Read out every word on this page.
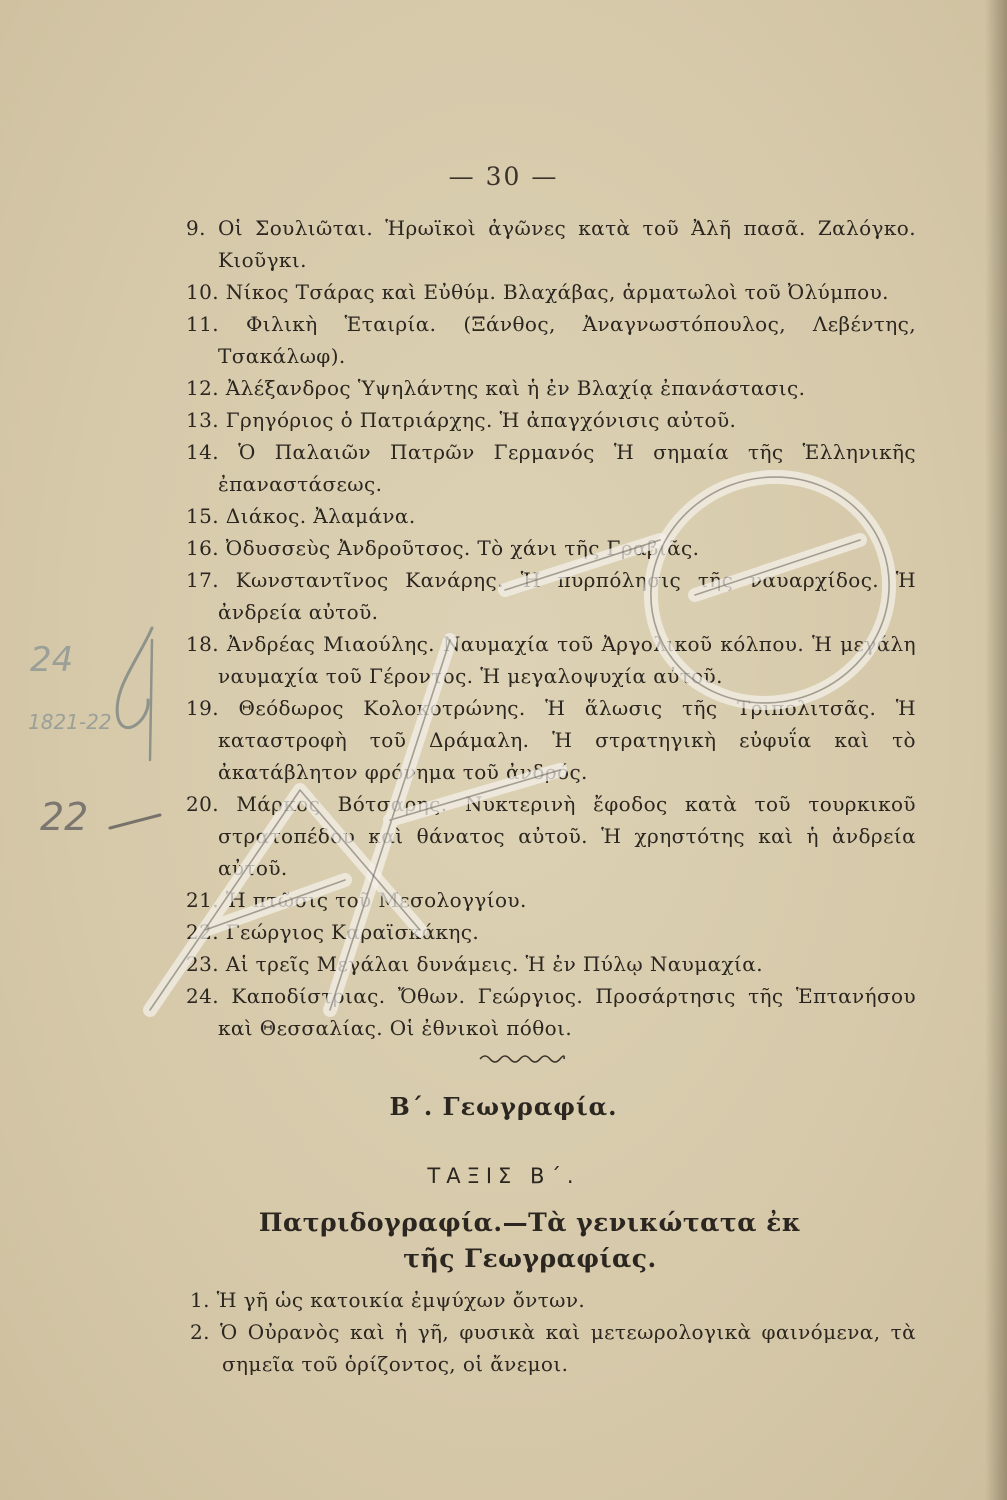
— 30 —
9. Οἱ Σουλιῶται. Ἡρωϊκοὶ ἀγῶνες κατὰ τοῦ Ἀλῆ πασᾶ. Ζαλόγκο. Κιοῦγκι.
10. Νίκος Τσάρας καὶ Εὐθύμ. Βλαχάβας, ἁρματωλοὶ τοῦ Ὀλύμπου.
11. Φιλικὴ Ἑταιρία. (Ξάνθος, Ἀναγνωστόπουλος, Λεβέντης, Τσακάλωφ).
12. Ἀλέξανδρος Ὑψηλάντης καὶ ἡ ἐν Βλαχίᾳ ἐπανάστασις.
13. Γρηγόριος ὁ Πατριάρχης. Ἡ ἀπαγχόνισις αὐτοῦ.
14. Ὁ Παλαιῶν Πατρῶν Γερμανός Ἡ σημαία τῆς Ἑλληνικῆς ἐπαναστάσεως.
15. Διάκος. Ἀλαμάνα.
16. Ὀδυσσεὺς Ἀνδροῦτσος. Τὸ χάνι τῆς Γραβιᾶς.
17. Κωνσταντῖνος Κανάρης. Ἡ πυρπόλησις τῆς ναυαρχίδος. Ἡ ἀνδρεία αὐτοῦ.
18. Ἀνδρέας Μιαούλης. Ναυμαχία τοῦ Ἀργολικοῦ κόλπου. Ἡ μεγάλη ναυμαχία τοῦ Γέροντος. Ἡ μεγαλοψυχία αὐτοῦ.
19. Θεόδωρος Κολοκοτρώνης. Ἡ ἅλωσις τῆς Τριπολιτσᾶς. Ἡ καταστροφὴ τοῦ Δράμαλη. Ἡ στρατηγικὴ εὐφυΐα καὶ τὸ ἀκατάβλητον φρόνημα τοῦ ἀνδρός.
20. Μάρκος Βότσαρης. Νυκτερινὴ ἔφοδος κατὰ τοῦ τουρκικοῦ στρατοπέδου καὶ θάνατος αὐτοῦ. Ἡ χρηστότης καὶ ἡ ἀνδρεία αὐτοῦ.
21. Ἡ πτῶσις τοῦ Μεσολογγίου.
22. Γεώργιος Καραϊσκάκης.
23. Αἱ τρεῖς Μεγάλαι δυνάμεις. Ἡ ἐν Πύλῳ Ναυμαχία.
24. Καποδίστριας. Ὄθων. Γεώργιος. Προσάρτησις τῆς Ἑπτανήσου καὶ Θεσσαλίας. Οἱ ἐθνικοὶ πόθοι.
Β΄. Γεωγραφία.
ΤΑΞΙΣ Β΄.
Πατριδογραφία.—Τὰ γενικώτατα ἐκ τῆς Γεωγραφίας.
1. Ἡ γῆ ὡς κατοικία ἐμψύχων ὄντων.
2. Ὁ Οὐρανὸς καὶ ἡ γῆ, φυσικὰ καὶ μετεωρολογικὰ φαινόμενα, τὰ σημεῖα τοῦ ὁρίζοντος, οἱ ἄνεμοι.
24
1821-22
22
